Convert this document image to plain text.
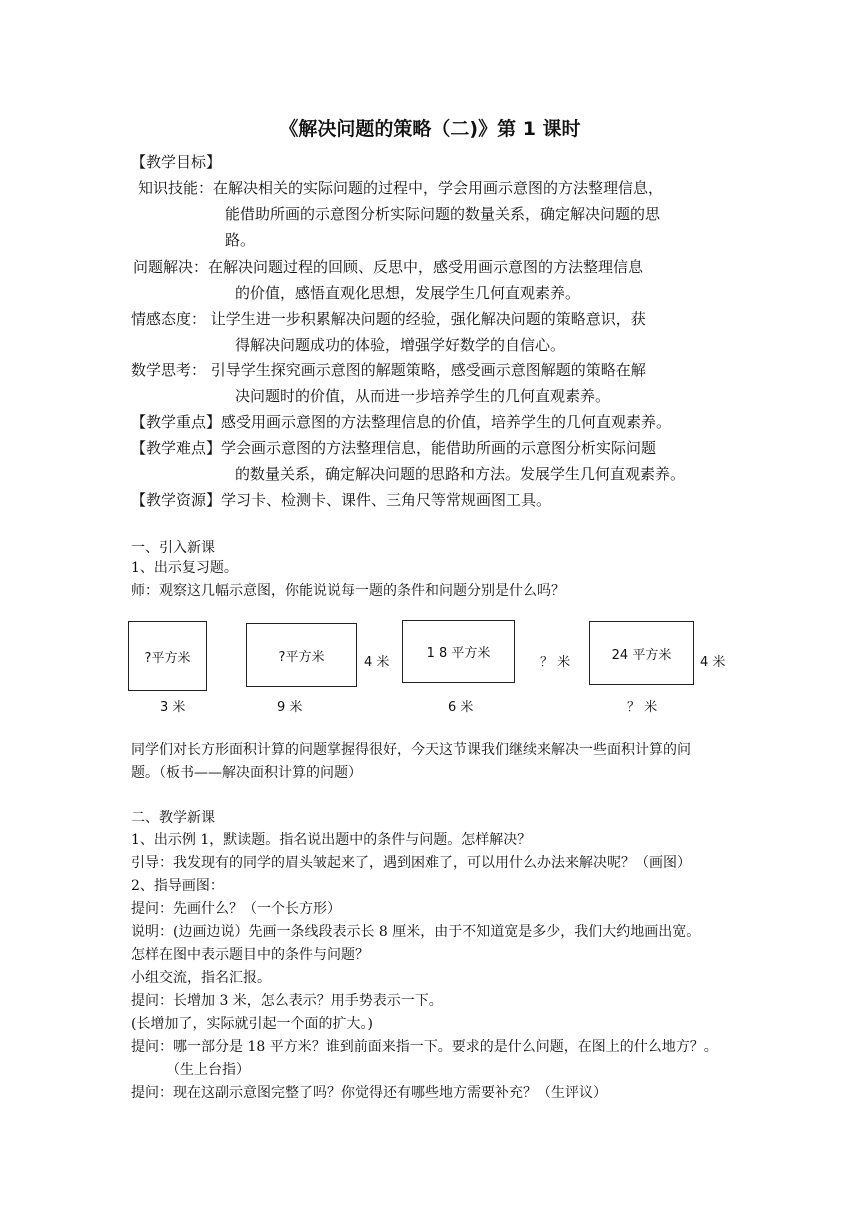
《解决问题的策略（二)》第 1 课时
【教学目标】
知识技能：在解决相关的实际问题的过程中，学会用画示意图的方法整理信息，
能借助所画的示意图分析实际问题的数量关系，确定解决问题的思
路。
问题解决：在解决问题过程的回顾、反思中，感受用画示意图的方法整理信息
的价值，感悟直观化思想，发展学生几何直观素养。
情感态度： 让学生进一步积累解决问题的经验，强化解决问题的策略意识，获
得解决问题成功的体验，增强学好数学的自信心。
数学思考： 引导学生探究画示意图的解题策略，感受画示意图解题的策略在解
决问题时的价值，从而进一步培养学生的几何直观素养。
【教学重点】感受用画示意图的方法整理信息的价值，培养学生的几何直观素养。
【教学难点】学会画示意图的方法整理信息，能借助所画的示意图分析实际问题
的数量关系，确定解决问题的思路和方法。发展学生几何直观素养。
【教学资源】学习卡、检测卡、课件、三角尺等常规画图工具。
一、引入新课
1、出示复习题。
师：观察这几幅示意图，你能说说每一题的条件和问题分别是什么吗？
?平方米
3 米
?平方米
9 米
4 米
1 8 平方米
6 米
？ 米	24 平方米
？ 米
4 米
同学们对长方形面积计算的问题掌握得很好，今天这节课我们继续来解决一些面积计算的问
题。（板书——解决面积计算的问题）
二、教学新课
1、出示例 1，默读题。指名说出题中的条件与问题。怎样解决？
引导：我发现有的同学的眉头皱起来了，遇到困难了，可以用什么办法来解决呢？（画图）
2、指导画图：
提问：先画什么？（一个长方形）
说明：(边画边说）先画一条线段表示长 8 厘米，由于不知道宽是多少，我们大约地画出宽。
怎样在图中表示题目中的条件与问题？
小组交流，指名汇报。
提问：长增加 3 米，怎么表示？用手势表示一下。
(长增加了，实际就引起一个面的扩大。)
提问：哪一部分是 18 平方米？谁到前面来指一下。要求的是什么问题，在图上的什么地方？。
（生上台指）
提问：现在这副示意图完整了吗？你觉得还有哪些地方需要补充？（生评议）
